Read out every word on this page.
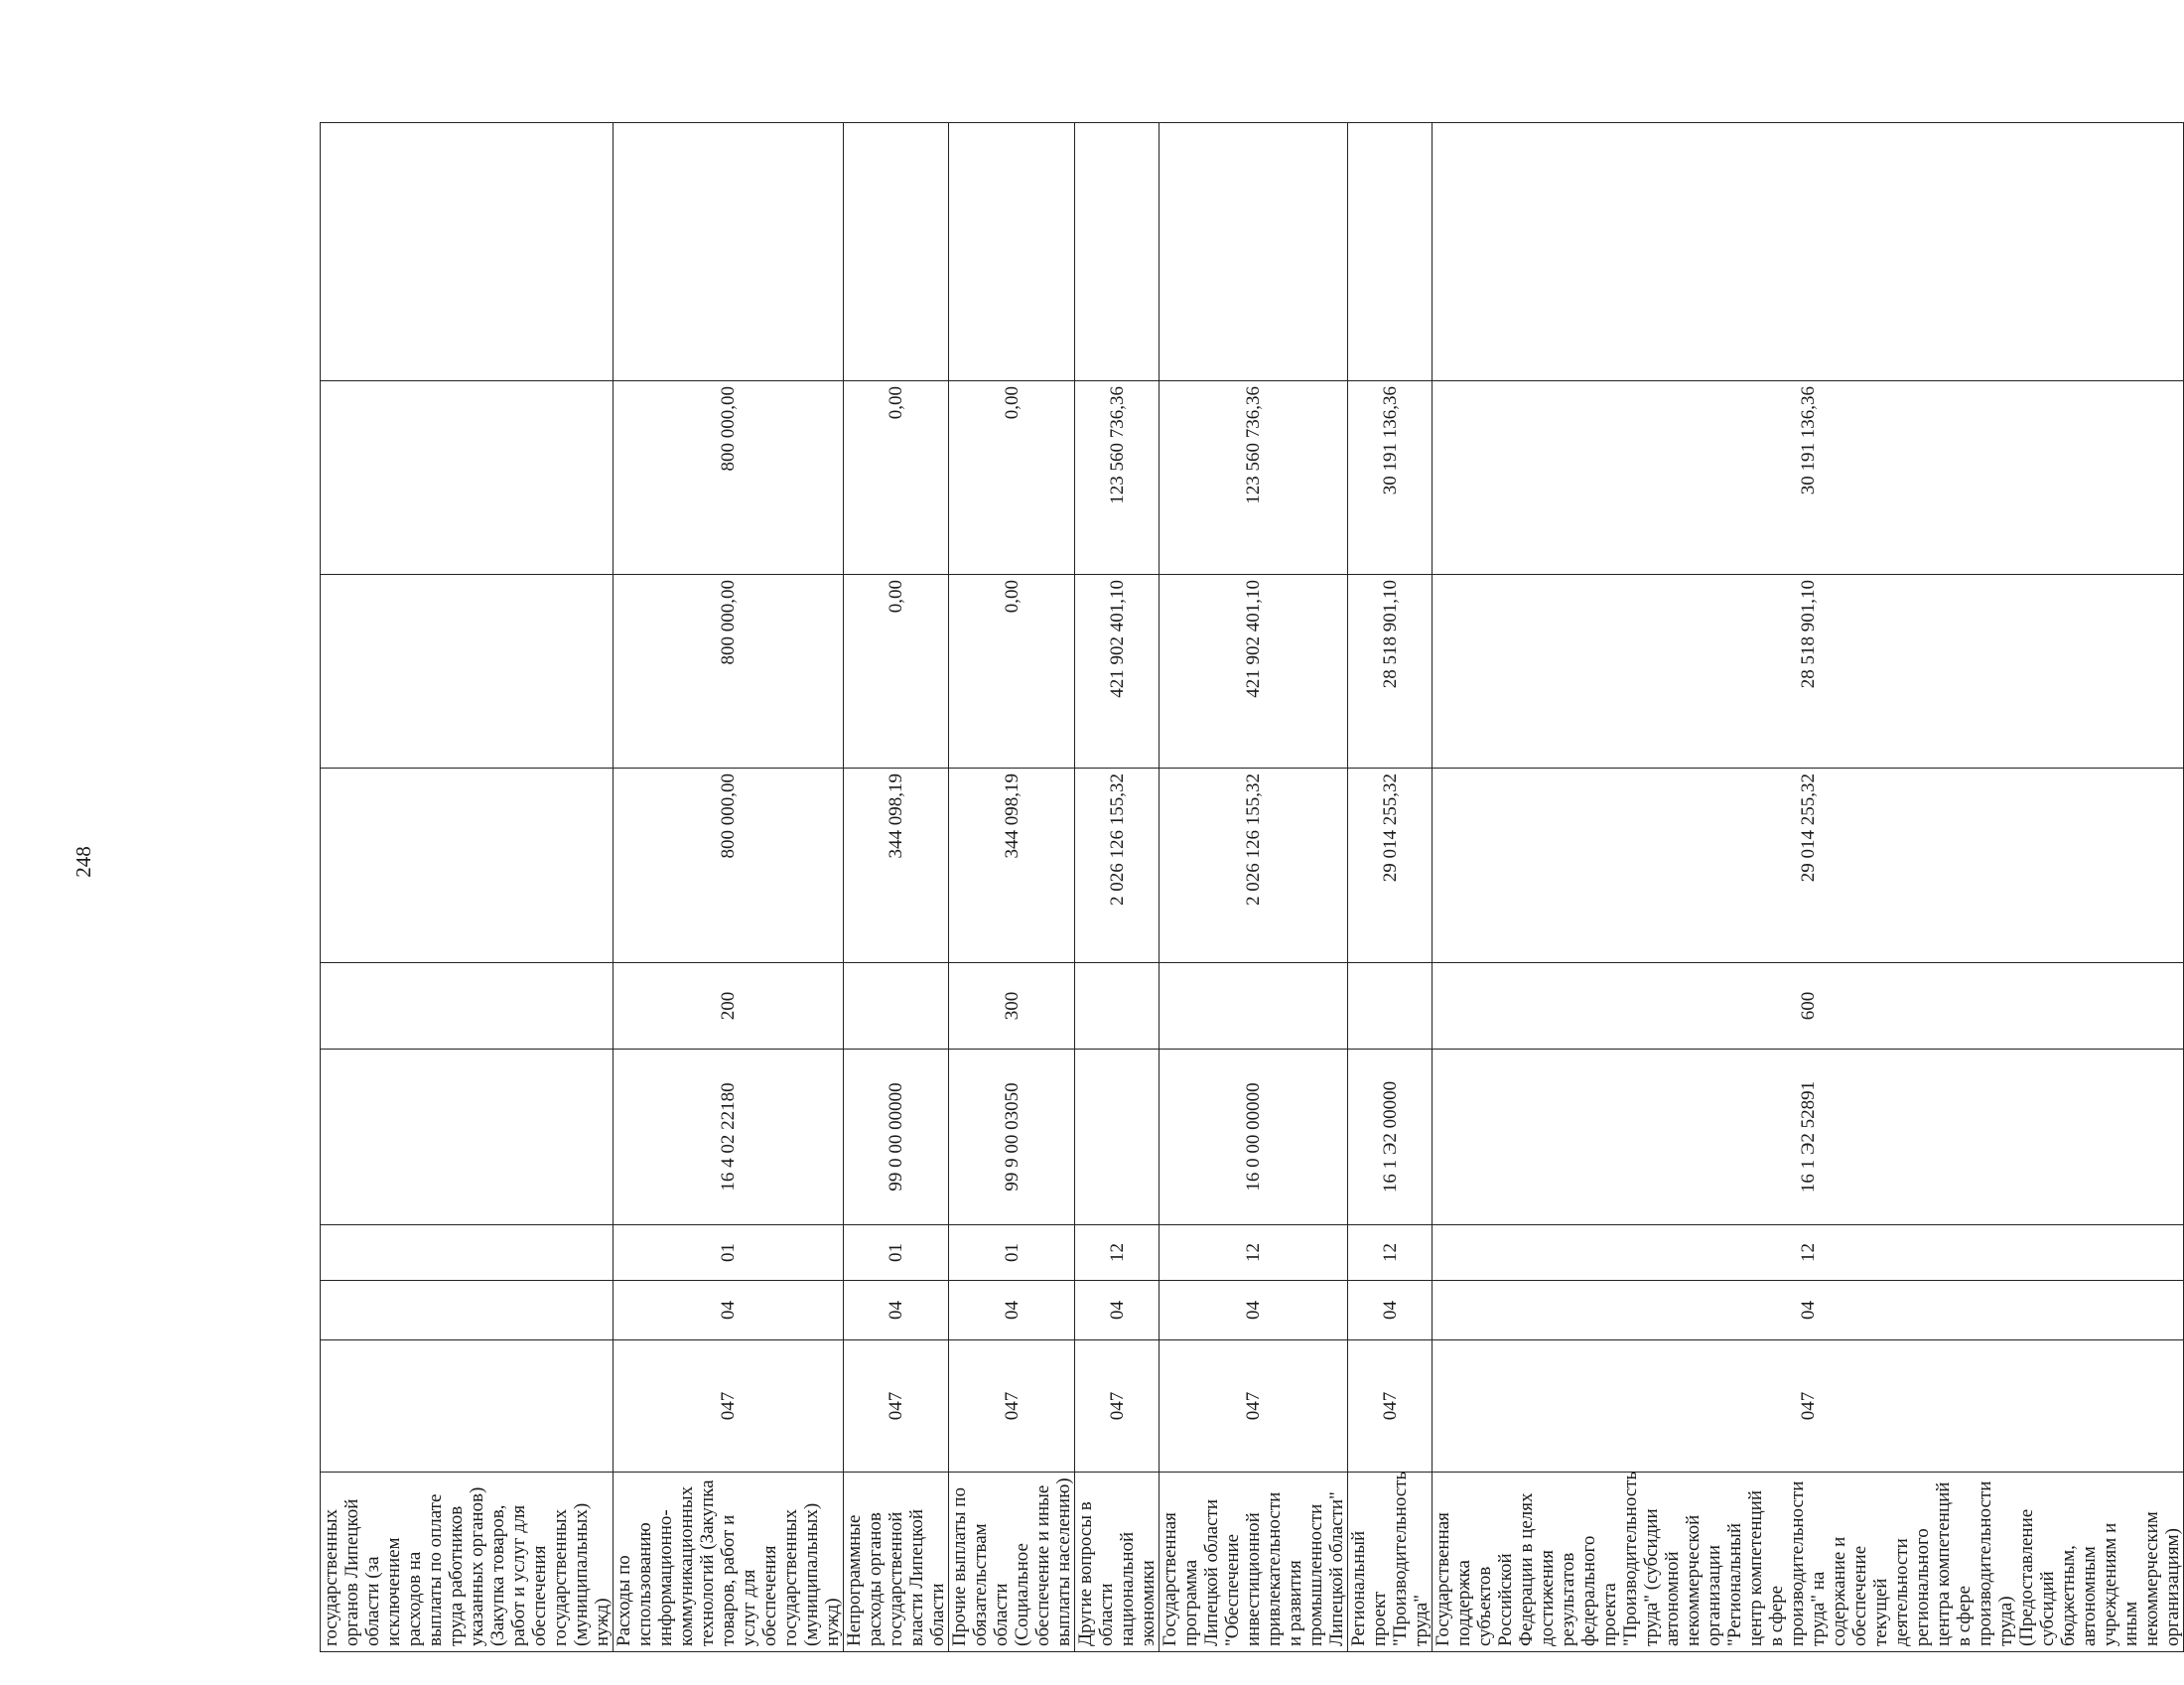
248
государственных органов Липецкой области (за исключением расходов на выплаты по оплате труда работников указанных органов) (Закупка товаров, работ и услуг для обеспечения государственных (муниципальных) нужд)									
Расходы по использованию информационно-коммуникационных технологий (Закупка товаров, работ и услуг для обеспечения государственных (муниципальных) нужд)	047	04	01	16 4 02 22180	200	800 000,00	800 000,00	800 000,00	
Непрограммные расходы органов государственной власти Липецкой области	047	04	01	99 0 00 00000		344 098,19	0,00	0,00	
Прочие выплаты по обязательствам области (Социальное обеспечение и иные выплаты населению)	047	04	01	99 9 00 03050	300	344 098,19	0,00	0,00	
Другие вопросы в области национальной экономики	047	04	12			2 026 126 155,32	421 902 401,10	123 560 736,36	
Государственная программа Липецкой области "Обеспечение инвестиционной привлекательности и развития промышленности Липецкой области"	047	04	12	16 0 00 00000		2 026 126 155,32	421 902 401,10	123 560 736,36	
Региональный проект "Производительность труда"	047	04	12	16 1 Э2 00000		29 014 255,32	28 518 901,10	30 191 136,36	
Государственная поддержка субъектов Российской Федерации в целях достижения результатов федерального проекта "Производительность труда" (субсидии автономной некоммерческой организации "Региональный центр компетенций в сфере производительности труда" на содержание и обеспечение текущей деятельности регионального центра компетенций в сфере производительности труда) (Предоставление субсидий бюджетным, автономным учреждениям и иным некоммерческим организациям)	047	04	12	16 1 Э2 52891	600	29 014 255,32	28 518 901,10	30 191 136,36	
